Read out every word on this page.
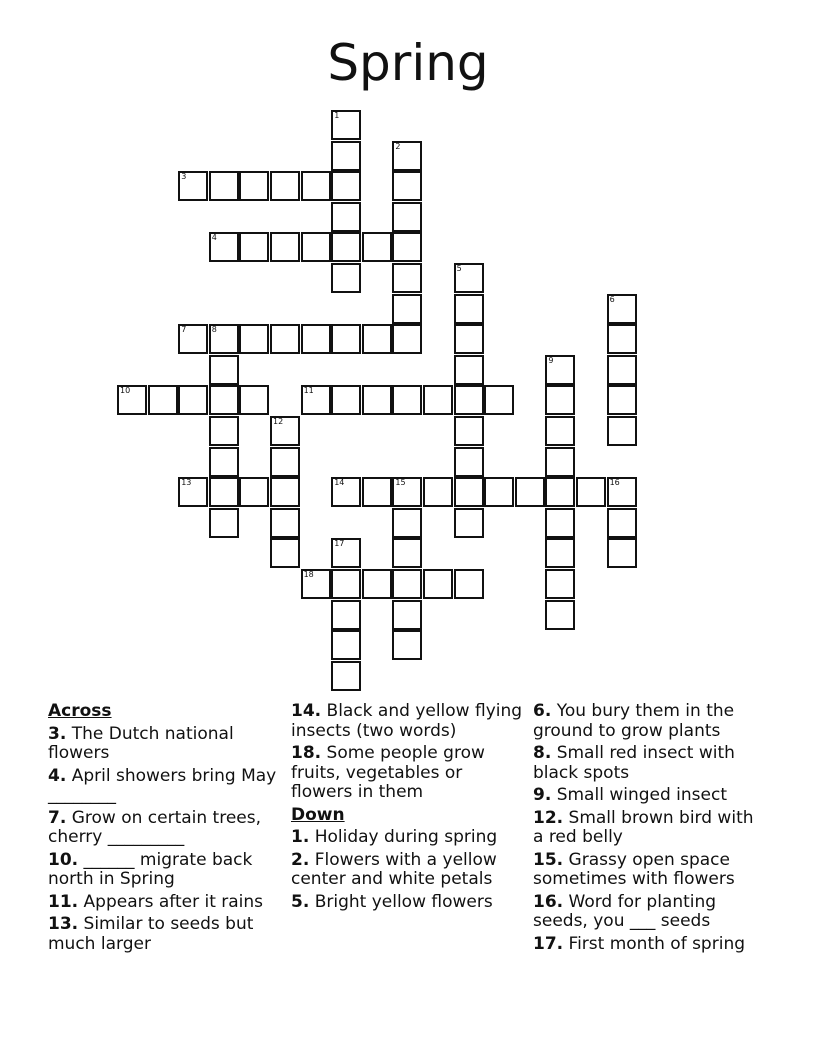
Spring
1
2
3
4
5
6
7	8
9
10	11
12
13	14	15	16
17
18
Across
3. The Dutch national flowers
4. April showers bring May ________
7. Grow on certain trees, cherry _________
10. ______ migrate back north in Spring
11. Appears after it rains
13. Similar to seeds but much larger
14. Black and yellow flying insects (two words)
18. Some people grow fruits, vegetables or flowers in them
Down
1. Holiday during spring
2. Flowers with a yellow center and white petals
5. Bright yellow flowers
6. You bury them in the ground to grow plants
8. Small red insect with black spots
9. Small winged insect
12. Small brown bird with a red belly
15. Grassy open space sometimes with flowers
16. Word for planting seeds, you ___ seeds
17. First month of spring
